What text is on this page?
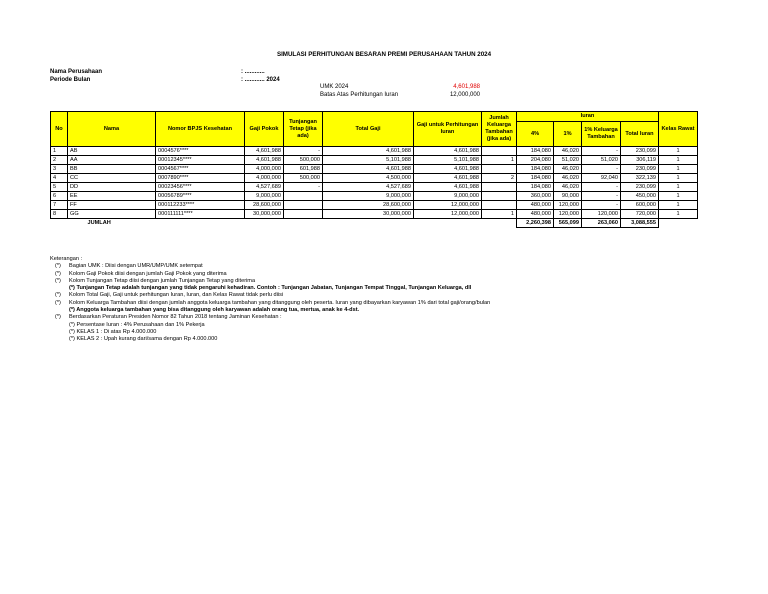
SIMULASI PERHITUNGAN BESARAN PREMI PERUSAHAAN TAHUN 2024
Nama Perusahaan	: ............
Periode Bulan	: ............ 2024
UMK 2024	4,601,988
Batas Atas Perhitungan Iuran	12,000,000
No	Nama	Nomor BPJS Kesehatan	Gaji Pokok	Tunjangan Tetap (jika ada)	Total Gaji	Gaji untuk Perhitungan Iuran	Jumlah Keluarga Tambahan (jika ada)	Iuran				Kelas Rawat
								4%	1%	1% Keluarga Tambahan	Total Iuran	
1	AB	0004576****	4,601,988	-	4,601,988	4,601,988		184,080	46,020	-	230,099	1
2	AA	00012345****	4,601,988	500,000	5,101,988	5,101,988	1	204,080	51,020	51,020	306,119	1
3	BB	0004567****	4,000,000	601,988	4,601,988	4,601,988		184,080	46,020	-	230,099	1
4	CC	0007890****	4,000,000	500,000	4,500,000	4,601,988	2	184,080	46,020	92,040	322,139	1
5	DD	00023456****	4,527,689	-	4,527,689	4,601,988		184,080	46,020	-	230,099	1
6	EE	00056789****	9,000,000		9,000,000	9,000,000		360,000	90,000	-	450,000	1
7	FF	000112233****	28,600,000		28,600,000	12,000,000		480,000	120,000	-	600,000	1
8	GG	000111111****	30,000,000		30,000,000	12,000,000	1	480,000	120,000	120,000	720,000	1
	JUMLAH							2,260,398	565,099	263,060	3,088,555	
Keterangan :
(*) Bagian UMK : Diisi dengan UMR/UMP/UMK setempat
(*) Kolom Gaji Pokok diisi dengan jumlah Gaji Pokok yang diterima
(*) Kolom Tunjangan Tetap diisi dengan jumlah Tunjangan Tetap yang diterima
(*) Tunjangan Tetap adalah tunjangan yang tidak pengaruhi kehadiran. Contoh : Tunjangan Jabatan, Tunjangan Tempat Tinggal, Tunjangan Keluarga, dll
(*) Kolom Total Gaji, Gaji untuk perhitungan Iuran, Iuran, dan Kelas Rawat tidak perlu diisi
(*) Kolom Keluarga Tambahan diisi dengan jumlah anggota keluarga tambahan yang ditanggung oleh peserta. Iuran yang dibayarkan karyawan 1% dari total gaji/orang/bulan
(*) Anggota keluarga tambahan yang bisa ditanggung oleh karyawan adalah orang tua, mertua, anak ke 4-dst.
(*) Berdasarkan Peraturan Presiden Nomor 82 Tahun 2018 tentang Jaminan Kesehatan :
(*) Persentase Iuran : 4% Perusahaan dan 1% Pekerja
(*) KELAS 1 : Di atas Rp 4.000.000
(*) KELAS 2 : Upah kurang dari/sama dengan Rp 4.000.000
